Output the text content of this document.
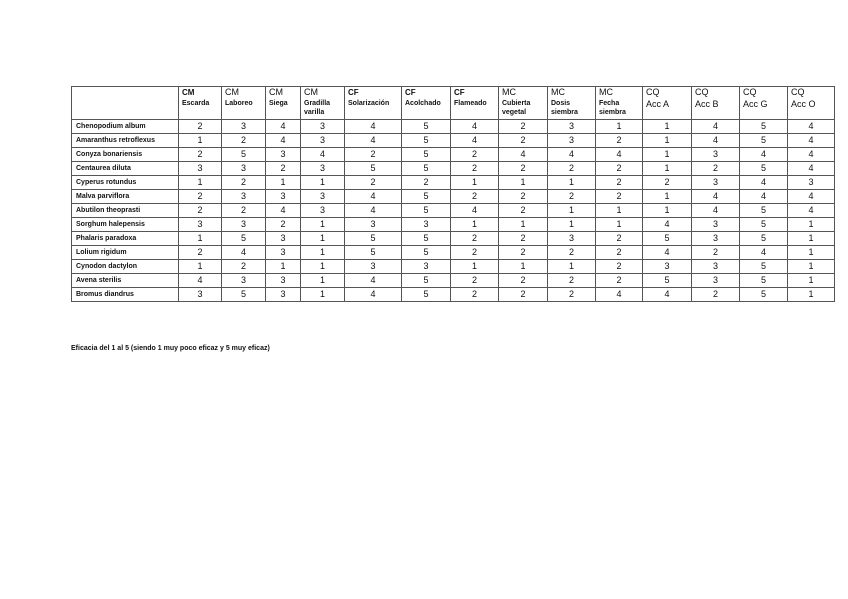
	CM	CM	CM	CM	CF	CF	CF	MC	MC	MC	CQ	CQ	CQ	CQ
	Escarda	Laboreo	Siega	Gradilla varilla	Solarización	Acolchado	Flameado	Cubierta vegetal	Dosis siembra	Fecha siembra	Acc A	Acc B	Acc G	Acc O
Chenopodium album	2	3	4	3	4	5	4	2	3	1	1	4	5	4
Amaranthus retroflexus	1	2	4	3	4	5	4	2	3	2	1	4	5	4
Conyza bonariensis	2	5	3	4	2	5	2	4	4	4	1	3	4	4
Centaurea diluta	3	3	2	3	5	5	2	2	2	2	1	2	5	4
Cyperus rotundus	1	2	1	1	2	2	1	1	1	2	2	3	4	3
Malva parviflora	2	3	3	3	4	5	2	2	2	2	1	4	4	4
Abutilon theoprasti	2	2	4	3	4	5	4	2	1	1	1	4	5	4
Sorghum halepensis	3	3	2	1	3	3	1	1	1	1	4	3	5	1
Phalaris paradoxa	1	5	3	1	5	5	2	2	3	2	5	3	5	1
Lolium rigidum	2	4	3	1	5	5	2	2	2	2	4	2	4	1
Cynodon dactylon	1	2	1	1	3	3	1	1	1	2	3	3	5	1
Avena sterilis	4	3	3	1	4	5	2	2	2	2	5	3	5	1
Bromus diandrus	3	5	3	1	4	5	2	2	2	4	4	2	5	1
Eficacia del 1 al 5 (siendo 1 muy poco eficaz y 5 muy eficaz)
